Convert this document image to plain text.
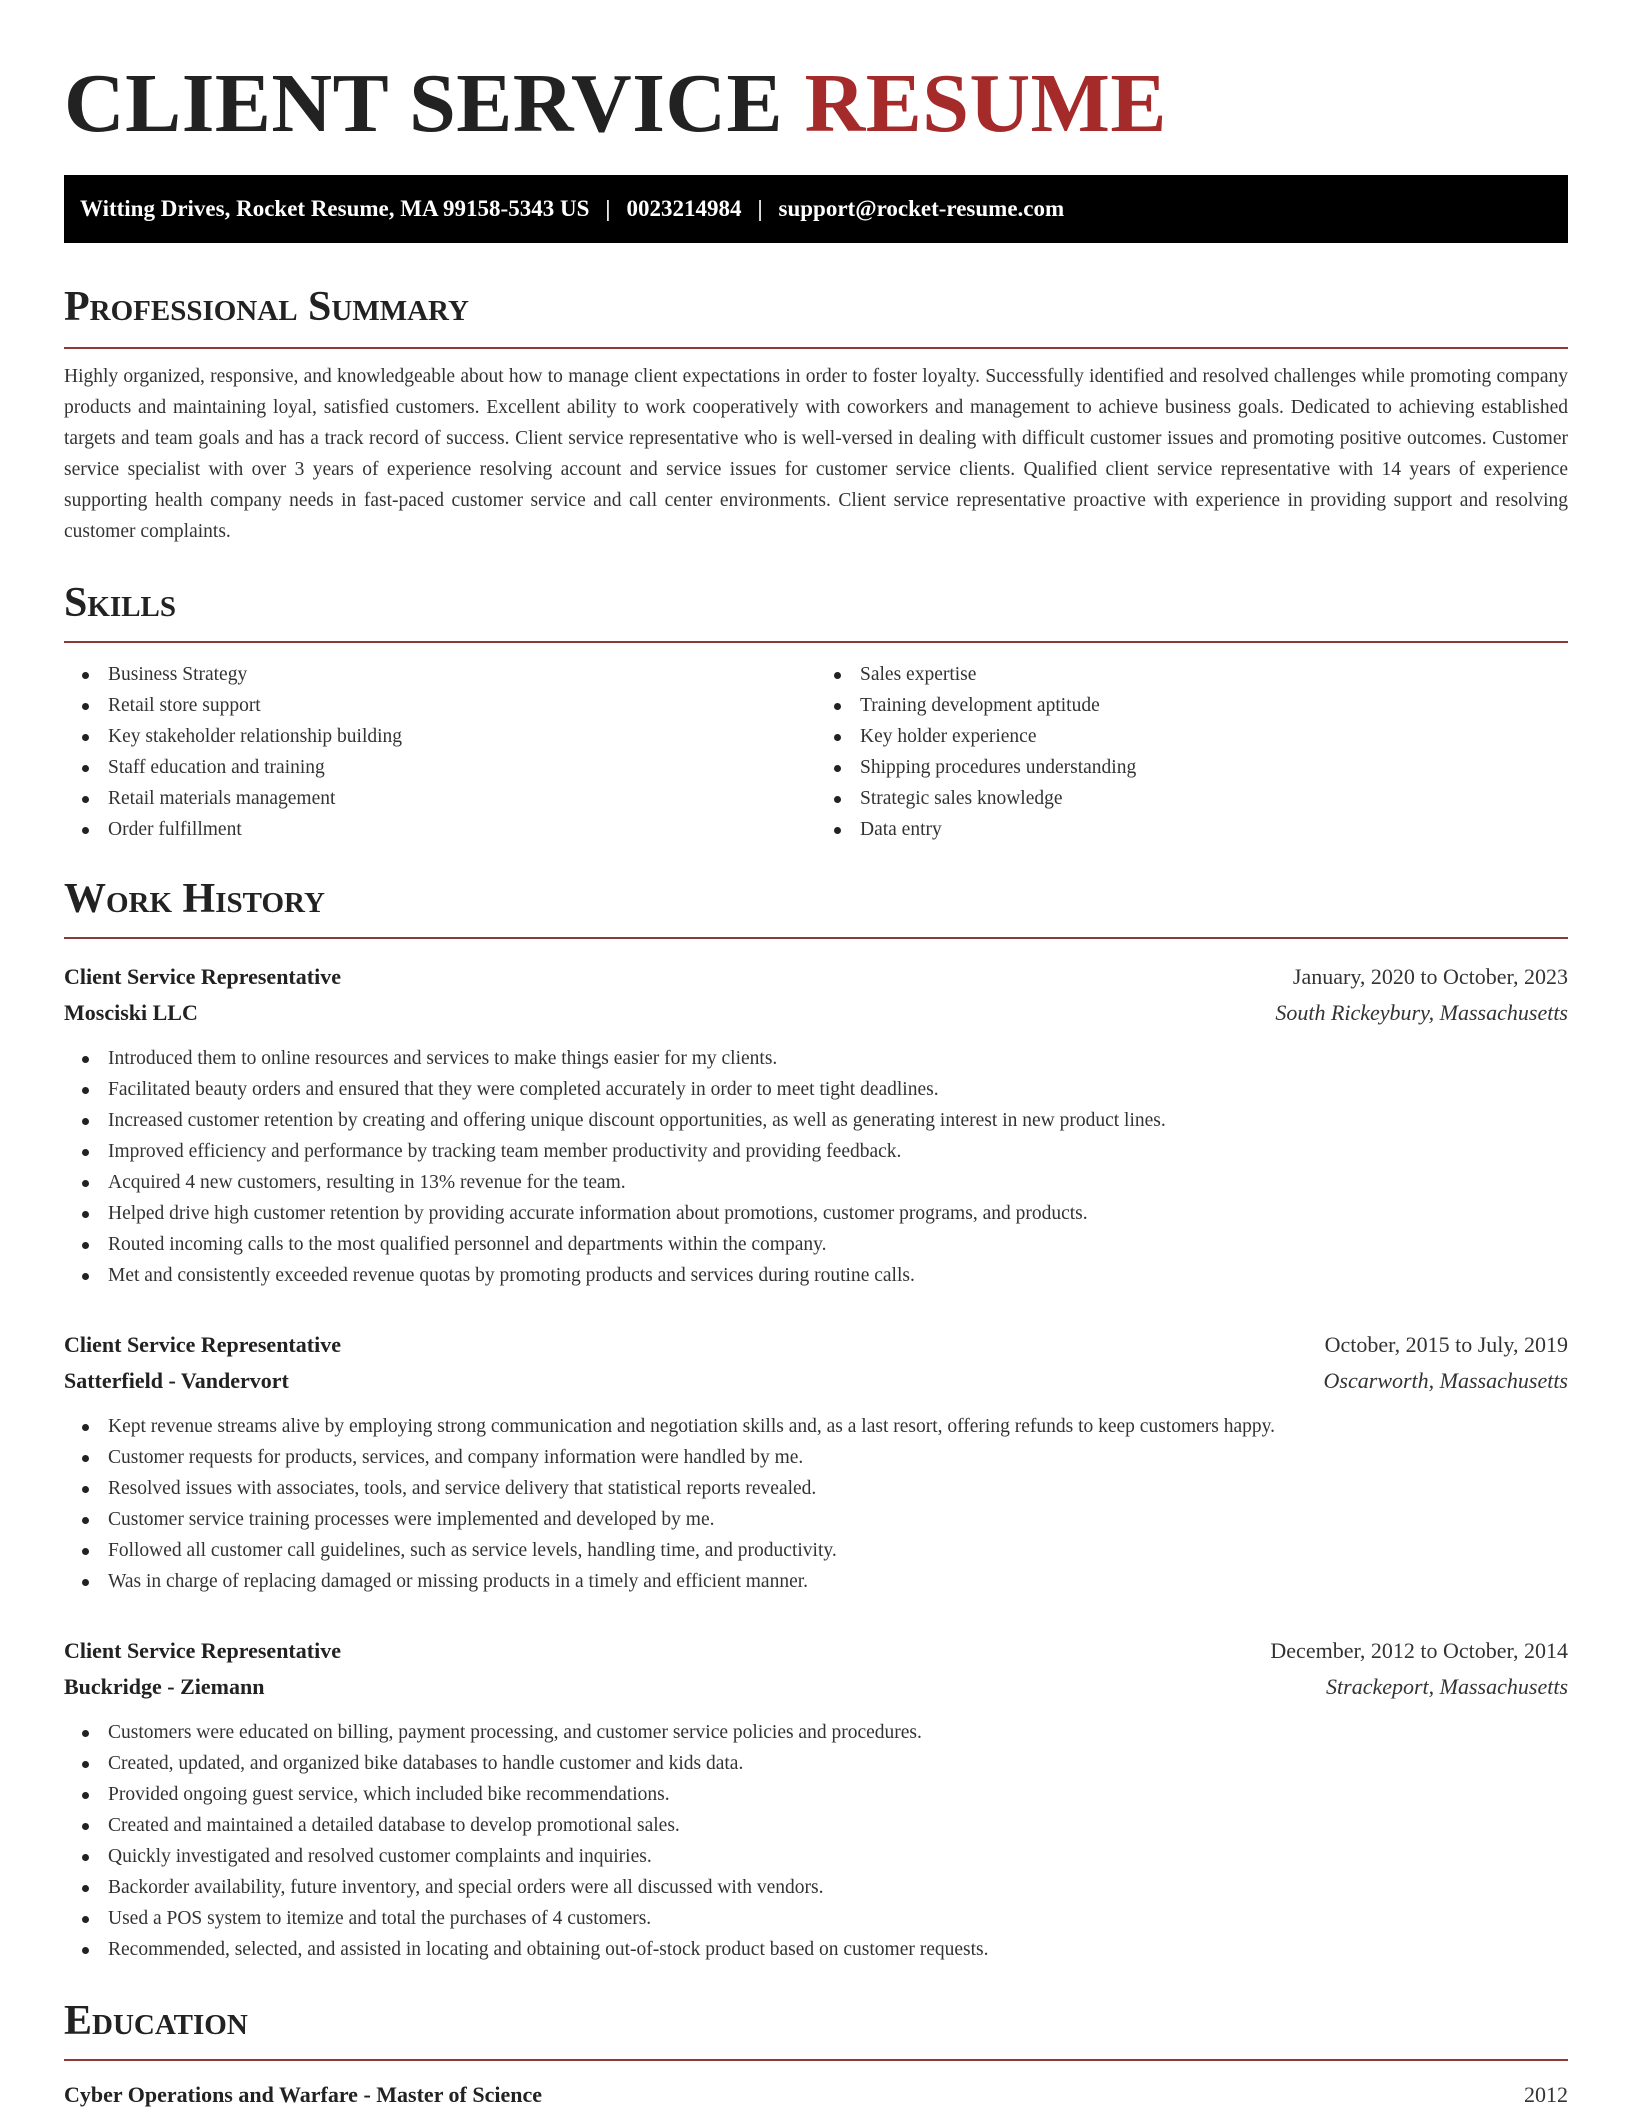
CLIENT SERVICE RESUME
Witting Drives, Rocket Resume, MA 99158-5343 US | 0023214984 | support@rocket-resume.com
Professional Summary

Highly organized, responsive, and knowledgeable about how to manage client expectations in order to foster loyalty. Successfully identified and resolved challenges while promoting company products and maintaining loyal, satisfied customers. Excellent ability to work cooperatively with coworkers and management to achieve business goals. Dedicated to achieving established targets and team goals and has a track record of success. Client service representative who is well-versed in dealing with difficult customer issues and promoting positive outcomes. Customer service specialist with over 3 years of experience resolving account and service issues for customer service clients. Qualified client service representative with 14 years of experience supporting health company needs in fast-paced customer service and call center environments. Client service representative proactive with experience in providing support and resolving customer complaints.

Skills
Business Strategy
Retail store support
Key stakeholder relationship building
Staff education and training
Retail materials management
Order fulfillment
Sales expertise
Training development aptitude
Key holder experience
Shipping procedures understanding
Strategic sales knowledge
Data entry
Work History
Client Service Representative	January, 2020 to October, 2023
Mosciski LLC	South Rickeybury, Massachusetts
Introduced them to online resources and services to make things easier for my clients.
Facilitated beauty orders and ensured that they were completed accurately in order to meet tight deadlines.
Increased customer retention by creating and offering unique discount opportunities, as well as generating interest in new product lines.
Improved efficiency and performance by tracking team member productivity and providing feedback.
Acquired 4 new customers, resulting in 13% revenue for the team.
Helped drive high customer retention by providing accurate information about promotions, customer programs, and products.
Routed incoming calls to the most qualified personnel and departments within the company.
Met and consistently exceeded revenue quotas by promoting products and services during routine calls.
Client Service Representative	October, 2015 to July, 2019
Satterfield - Vandervort	Oscarworth, Massachusetts
Kept revenue streams alive by employing strong communication and negotiation skills and, as a last resort, offering refunds to keep customers happy.
Customer requests for products, services, and company information were handled by me.
Resolved issues with associates, tools, and service delivery that statistical reports revealed.
Customer service training processes were implemented and developed by me.
Followed all customer call guidelines, such as service levels, handling time, and productivity.
Was in charge of replacing damaged or missing products in a timely and efficient manner.
Client Service Representative	December, 2012 to October, 2014
Buckridge - Ziemann	Strackeport, Massachusetts
Customers were educated on billing, payment processing, and customer service policies and procedures.
Created, updated, and organized bike databases to handle customer and kids data.
Provided ongoing guest service, which included bike recommendations.
Created and maintained a detailed database to develop promotional sales.
Quickly investigated and resolved customer complaints and inquiries.
Backorder availability, future inventory, and special orders were all discussed with vendors.
Used a POS system to itemize and total the purchases of 4 customers.
Recommended, selected, and assisted in locating and obtaining out-of-stock product based on customer requests.
Education
Cyber Operations and Warfare - Master of Science	2012
